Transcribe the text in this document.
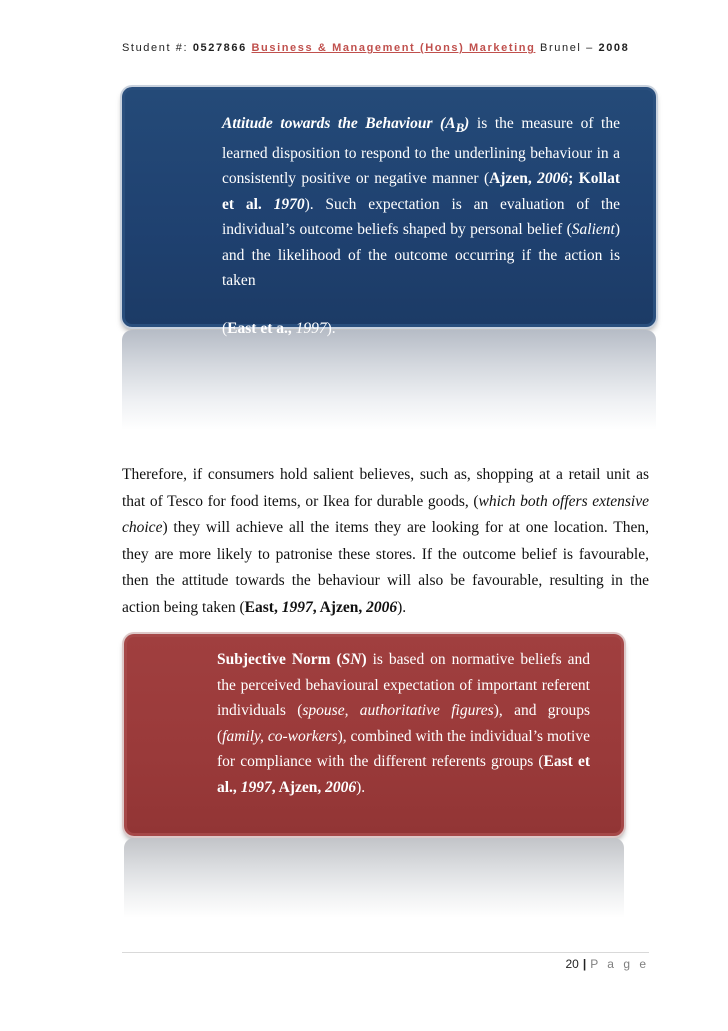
Student #: 0527866 Business & Management (Hons) Marketing Brunel – 2008

Attitude towards the Behaviour $(A_B)$ is the measure of the learned disposition to respond to the underlining behaviour in a consistently positive or negative manner (Ajzen, 2006; Kollat et al. 1970). Such expectation is an evaluation of the individual’s outcome beliefs shaped by personal belief (Salient) and the likelihood of the outcome occurring if the action is taken

(East et a., 1997).

Therefore, if consumers hold salient believes, such as, shopping at a retail unit as that of Tesco for food items, or Ikea for durable goods, (which both offers extensive choice) they will achieve all the items they are looking for at one location. Then, they are more likely to patronise these stores. If the outcome belief is favourable, then the attitude towards the behaviour will also be favourable, resulting in the action being taken (East, 1997, Ajzen, 2006).

Subjective Norm (SN) is based on normative beliefs and the perceived behavioural expectation of important referent individuals (spouse, authoritative figures), and groups (family, co-workers), combined with the individual’s motive for compliance with the different referents groups (East et al., 1997, Ajzen, 2006).

20 | P a g e
